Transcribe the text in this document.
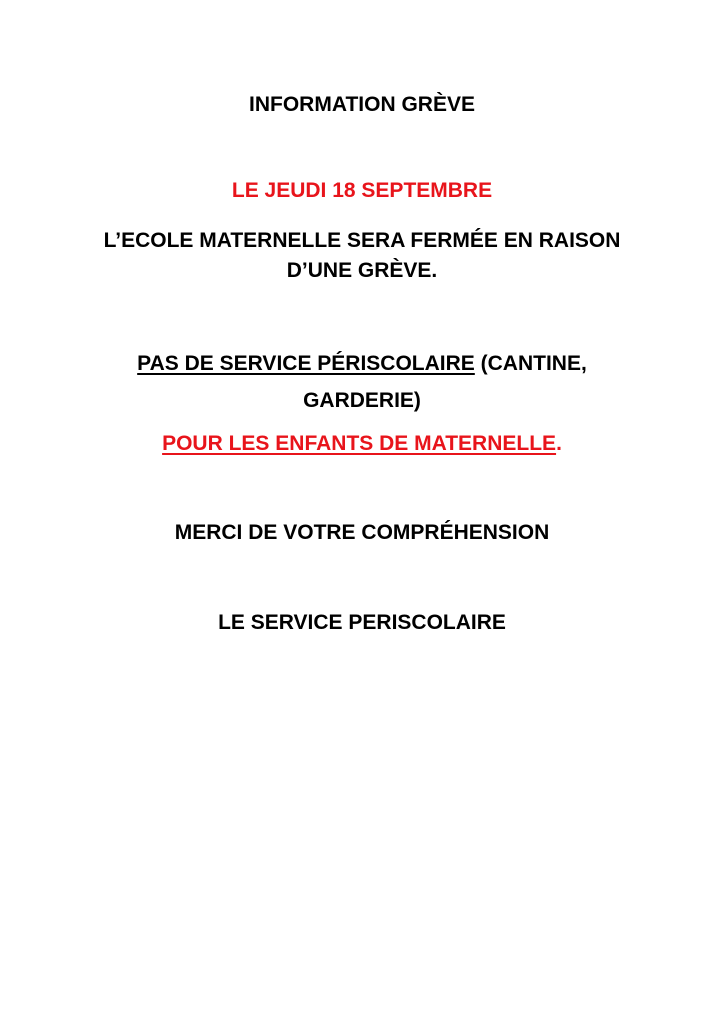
INFORMATION GRÈVE
LE JEUDI 18 SEPTEMBRE
L’ECOLE MATERNELLE SERA FERMÉE EN RAISON
D’UNE GRÈVE.
PAS DE SERVICE PÉRISCOLAIRE (CANTINE,
GARDERIE)
POUR LES ENFANTS DE MATERNELLE.
MERCI DE VOTRE COMPRÉHENSION
LE SERVICE PERISCOLAIRE
